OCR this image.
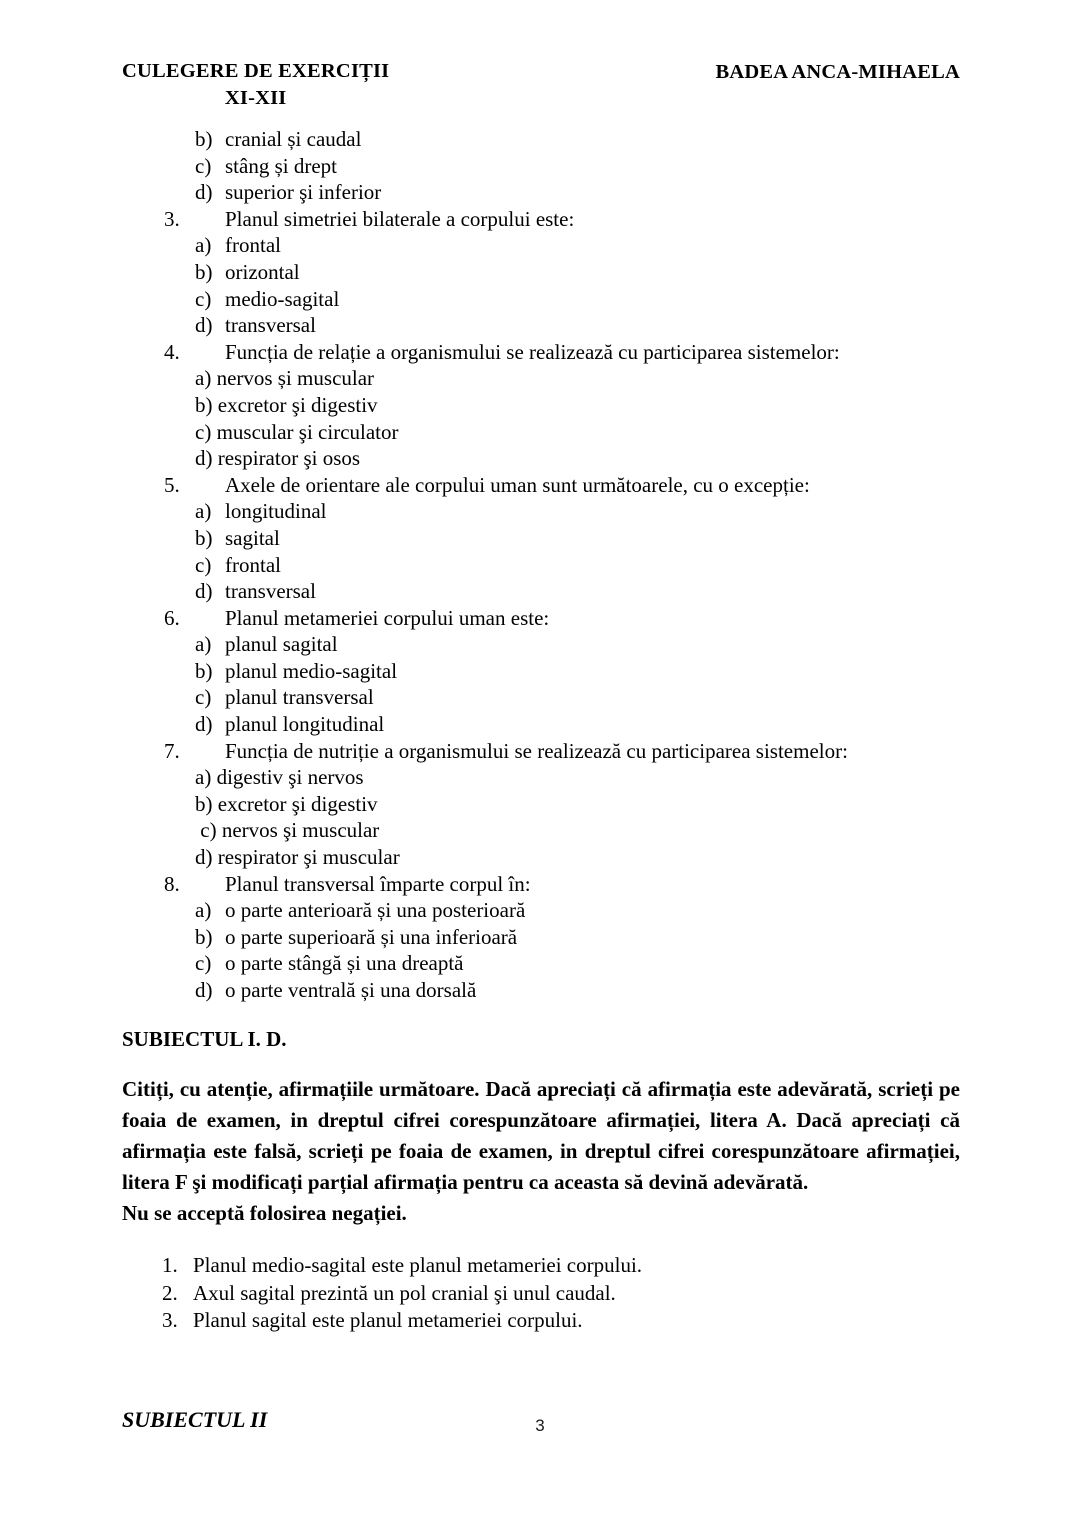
CULEGERE DE EXERCIȚII
XI-XII
BADEA ANCA-MIHAELA
b) cranial și caudal
c) stâng și drept
d) superior şi inferior
3.	Planul simetriei bilaterale a corpului este:
a) frontal
b) orizontal
c) medio-sagital
d) transversal
4.	Funcția de relație a organismului se realizează cu participarea sistemelor:
a) nervos și muscular
b) excretor şi digestiv
c) muscular şi circulator
d) respirator şi osos
5.	Axele de orientare ale corpului uman sunt următoarele, cu o excepție:
a) longitudinal
b) sagital
c) frontal
d) transversal
6.	Planul metameriei corpului uman este:
a) planul sagital
b) planul medio-sagital
c) planul transversal
d) planul longitudinal
7.	Funcția de nutriție a organismului se realizează cu participarea sistemelor:
a) digestiv şi nervos
b) excretor şi digestiv
c) nervos şi muscular
d) respirator şi muscular
8.	Planul transversal împarte corpul în:
a) o parte anterioară și una posterioară
b) o parte superioară și una inferioară
c) o parte stângă și una dreaptă
d) o parte ventrală și una dorsală
SUBIECTUL I. D.
Citiți, cu atenție, afirmațiile următoare. Dacă apreciați că afirmația este adevărată, scrieți pe foaia de examen, in dreptul cifrei corespunzătoare afirmației, litera A. Dacă apreciați că afirmația este falsă, scrieți pe foaia de examen, in dreptul cifrei corespunzătoare afirmației, litera F şi modificați parțial afirmația pentru ca aceasta să devină adevărată.
Nu se acceptă folosirea negației.
1. Planul medio-sagital este planul metameriei corpului.
2. Axul sagital prezintă un pol cranial şi unul caudal.
3. Planul sagital este planul metameriei corpului.
SUBIECTUL II	3
